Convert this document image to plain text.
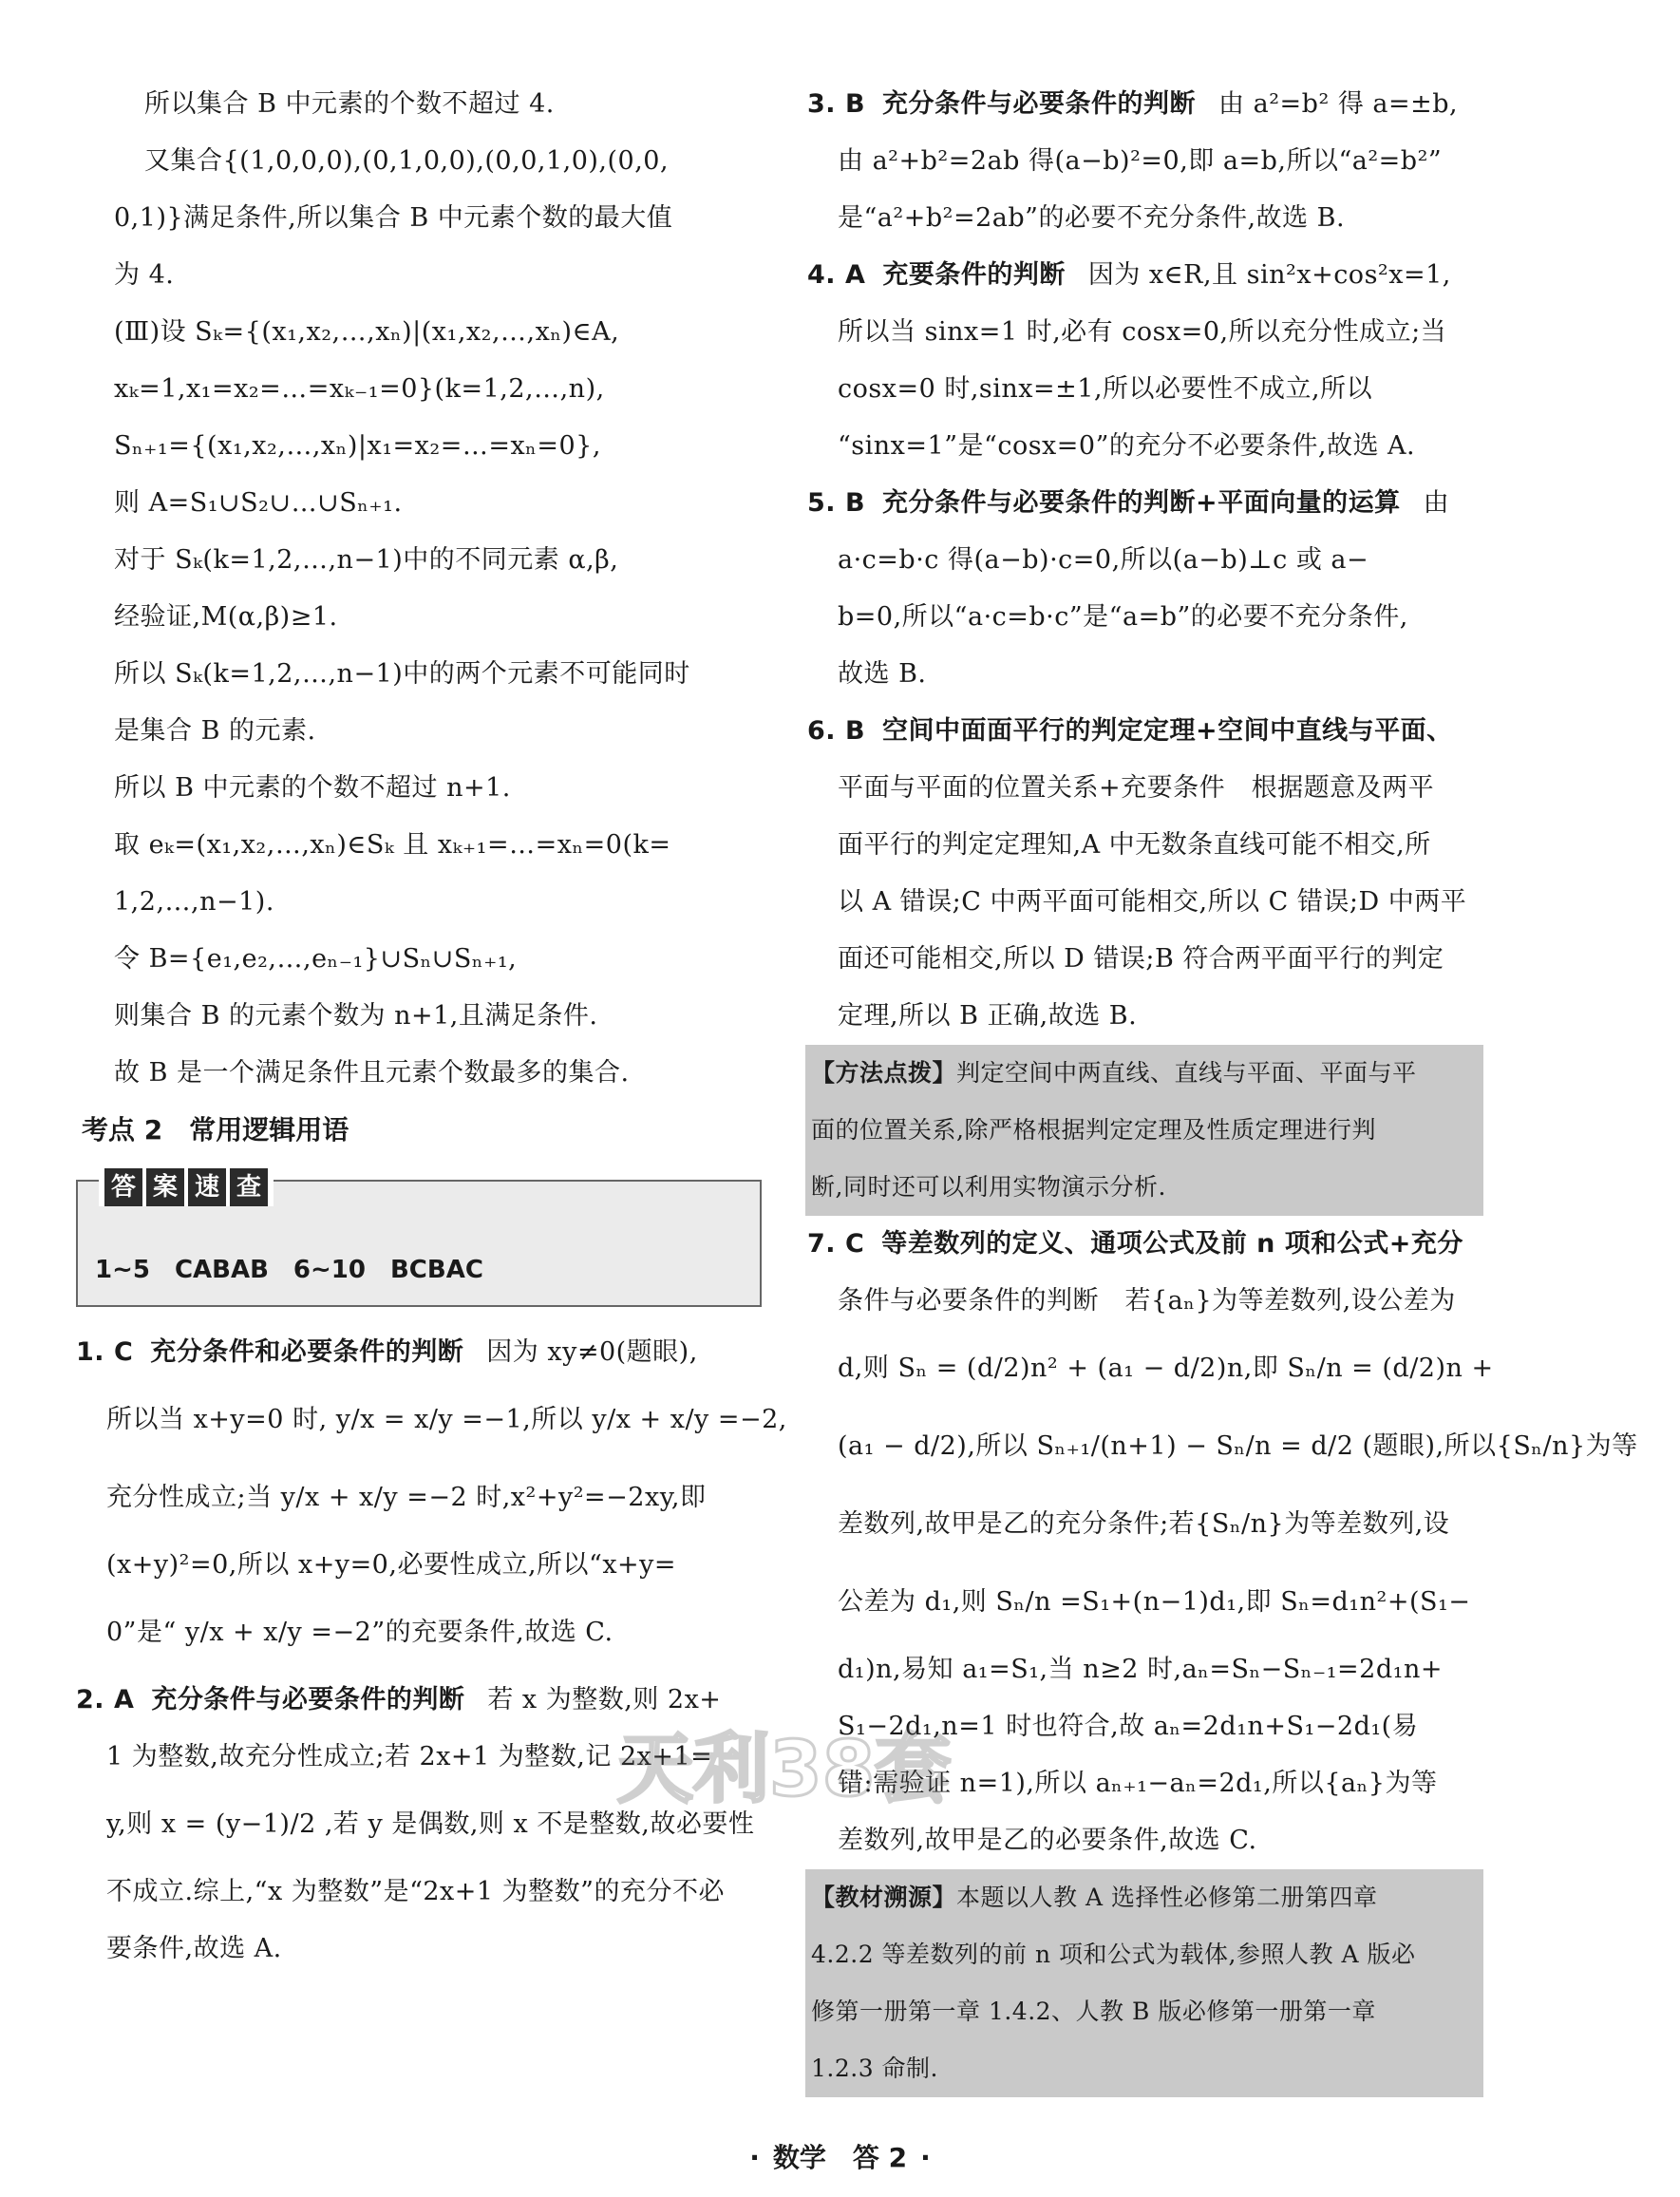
所以集合 B 中元素的个数不超过 4.
又集合{(1,0,0,0),(0,1,0,0),(0,0,1,0),(0,0,
0,1)}满足条件,所以集合 B 中元素个数的最大值
为 4.
(Ⅲ)设 Sₖ={(x₁,x₂,…,xₙ)|(x₁,x₂,…,xₙ)∈A,
xₖ=1,x₁=x₂=…=xₖ₋₁=0}(k=1,2,…,n),
Sₙ₊₁={(x₁,x₂,…,xₙ)|x₁=x₂=…=xₙ=0},
则 A=S₁∪S₂∪…∪Sₙ₊₁.
对于 Sₖ(k=1,2,…,n−1)中的不同元素 α,β,
经验证,M(α,β)≥1.
所以 Sₖ(k=1,2,…,n−1)中的两个元素不可能同时
是集合 B 的元素.
所以 B 中元素的个数不超过 n+1.
取 eₖ=(x₁,x₂,…,xₙ)∈Sₖ 且 xₖ₊₁=…=xₙ=0(k=
1,2,…,n−1).
令 B={e₁,e₂,…,eₙ₋₁}∪Sₙ∪Sₙ₊₁,
则集合 B 的元素个数为 n+1,且满足条件.
故 B 是一个满足条件且元素个数最多的集合.
考点 2　常用逻辑用语
答 案 速 查
1~5　CABAB　6~10　BCBAC
1. C 充分条件和必要条件的判断 因为 xy≠0(题眼),
所以当 x+y=0 时, y/x = x/y =−1,所以 y/x + x/y =−2,
充分性成立;当 y/x + x/y =−2 时,x²+y²=−2xy,即
(x+y)²=0,所以 x+y=0,必要性成立,所以“x+y=
0”是“ y/x + x/y =−2”的充要条件,故选 C.
2. A 充分条件与必要条件的判断 若 x 为整数,则 2x+
1 为整数,故充分性成立;若 2x+1 为整数,记 2x+1=
y,则 x = (y−1)/2 ,若 y 是偶数,则 x 不是整数,故必要性
不成立.综上,“x 为整数”是“2x+1 为整数”的充分不必
要条件,故选 A.
3. B 充分条件与必要条件的判断 由 a²=b² 得 a=±b,
由 a²+b²=2ab 得(a−b)²=0,即 a=b,所以“a²=b²”
是“a²+b²=2ab”的必要不充分条件,故选 B.
4. A 充要条件的判断 因为 x∈R,且 sin²x+cos²x=1,
所以当 sinx=1 时,必有 cosx=0,所以充分性成立;当
cosx=0 时,sinx=±1,所以必要性不成立,所以
“sinx=1”是“cosx=0”的充分不必要条件,故选 A.
5. B 充分条件与必要条件的判断+平面向量的运算 由
a·c=b·c 得(a−b)·c=0,所以(a−b)⊥c 或 a−
b=0,所以“a·c=b·c”是“a=b”的必要不充分条件,
故选 B.
6. B 空间中面面平行的判定定理+空间中直线与平面、
平面与平面的位置关系+充要条件　根据题意及两平
面平行的判定定理知,A 中无数条直线可能不相交,所
以 A 错误;C 中两平面可能相交,所以 C 错误;D 中两平
面还可能相交,所以 D 错误;B 符合两平面平行的判定
定理,所以 B 正确,故选 B.
【方法点拨】判定空间中两直线、直线与平面、平面与平
面的位置关系,除严格根据判定定理及性质定理进行判
断,同时还可以利用实物演示分析.
7. C 等差数列的定义、通项公式及前 n 项和公式+充分
条件与必要条件的判断　若{aₙ}为等差数列,设公差为
d,则 Sₙ = (d/2)n² + (a₁ − d/2)n,即 Sₙ/n = (d/2)n +
(a₁ − d/2),所以 Sₙ₊₁/(n+1) − Sₙ/n = d/2 (题眼),所以{Sₙ/n}为等
差数列,故甲是乙的充分条件;若{Sₙ/n}为等差数列,设
公差为 d₁,则 Sₙ/n =S₁+(n−1)d₁,即 Sₙ=d₁n²+(S₁−
d₁)n,易知 a₁=S₁,当 n≥2 时,aₙ=Sₙ−Sₙ₋₁=2d₁n+
S₁−2d₁,n=1 时也符合,故 aₙ=2d₁n+S₁−2d₁(易
错:需验证 n=1),所以 aₙ₊₁−aₙ=2d₁,所以{aₙ}为等
差数列,故甲是乙的必要条件,故选 C.
【教材溯源】本题以人教 A 选择性必修第二册第四章
4.2.2 等差数列的前 n 项和公式为载体,参照人教 A 版必
修第一册第一章 1.4.2、人教 B 版必修第一册第一章
1.2.3 命制.
天利38套
· 数学　 答 2 ·
